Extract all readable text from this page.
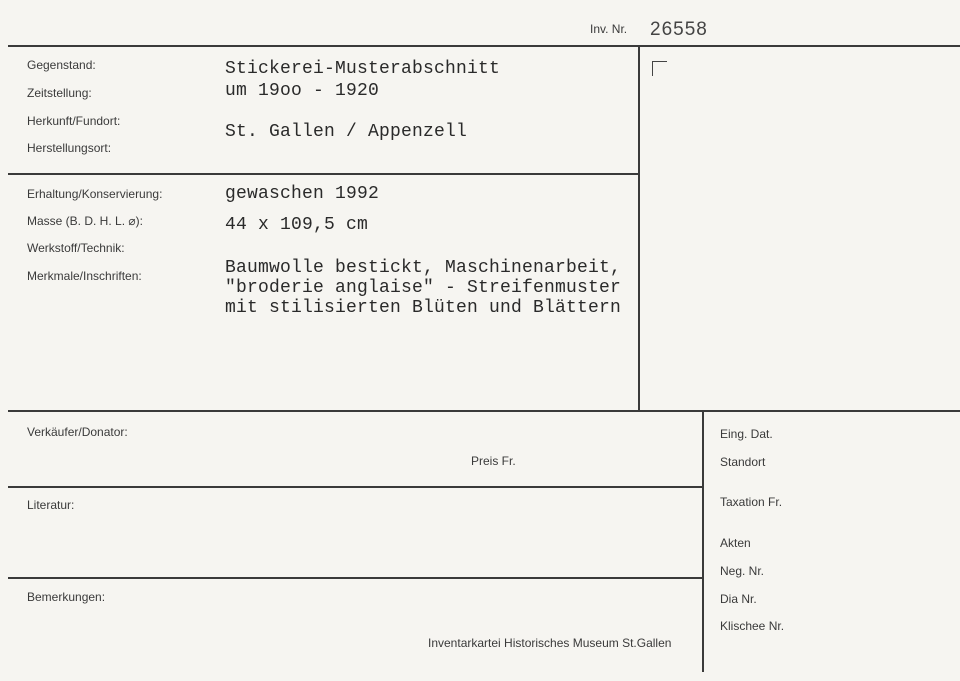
Inv. Nr. 26558
Gegenstand:
Zeitstellung:
Herkunft/Fundort:
Herstellungsort:
Stickerei-Musterabschnitt
um 19oo - 1920
St. Gallen / Appenzell
Erhaltung/Konservierung:
Masse (B. D. H. L. ⌀):
Werkstoff/Technik:
Merkmale/Inschriften:
gewaschen 1992
44 x 109,5 cm
Baumwolle bestickt, Maschinenarbeit,
"broderie anglaise" - Streifenmuster
mit stilisierten Blüten und Blättern
Verkäufer/Donator:
Preis Fr.
Literatur:
Bemerkungen:
Inventarkartei Historisches Museum St.Gallen
Eing. Dat.
Standort
Taxation Fr.
Akten
Neg. Nr.
Dia Nr.
Klischee Nr.
